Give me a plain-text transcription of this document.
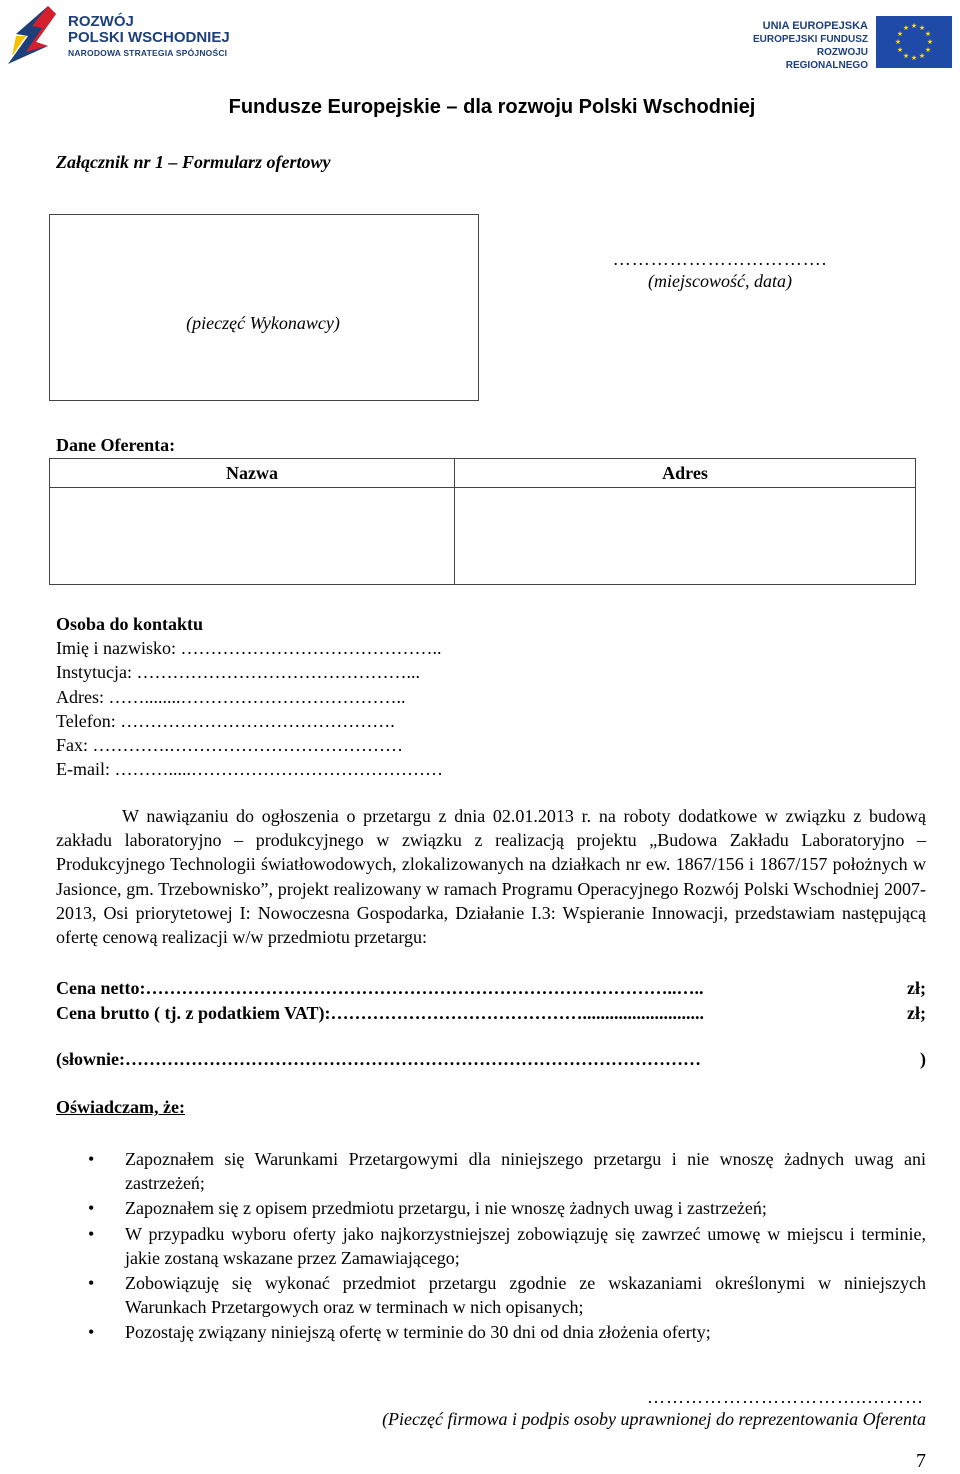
ROZWÓJ
POLSKI WSCHODNIEJ
NARODOWA STRATEGIA SPÓJNOŚCI
UNIA EUROPEJSKA
EUROPEJSKI FUNDUSZ
ROZWOJU REGIONALNEGO
★ ★
★
★
★
★
★
★
★
★
★
★
Fundusze Europejskie – dla rozwoju Polski Wschodniej
Załącznik nr 1 – Formularz ofertowy
(pieczęć Wykonawcy)
…………………………….
(miejscowość, data)
Dane Oferenta:
Nazwa	Adres

Osoba do kontaktu
Imię i nazwisko: ……………………………………..
Instytucja: ………………………………………...
Adres: ……........………………………………..
Telefon: ……………………………………….
Fax: ………….…………………………………
E-mail: ……….....……………………………………
W nawiązaniu do ogłoszenia o przetargu z dnia 02.01.2013 r. na roboty dodatkowe w związku z budową zakładu laboratoryjno – produkcyjnego w związku z realizacją projektu „Budowa Zakładu Laboratoryjno – Produkcyjnego Technologii światłowodowych, zlokalizowanych na działkach nr ew. 1867/156 i 1867/157 położnych w Jasionce, gm. Trzebownisko”, projekt realizowany w ramach Programu Operacyjnego Rozwój Polski Wschodniej 2007-2013, Osi priorytetowej I: Nowoczesna Gospodarka, Działanie I.3: Wspieranie Innowacji, przedstawiam następującą ofertę cenową realizacji w/w przedmiotu przetargu:
Cena netto:……………………………………………………………………………..…..	zł;
Cena brutto ( tj. z podatkiem VAT):……………………………………...........................	zł;
(słownie:……………………………………………………………………………………	)
Oświadczam, że:
• Zapoznałem się Warunkami Przetargowymi dla niniejszego przetargu i nie wnoszę żadnych uwag ani zastrzeżeń;
• Zapoznałem się z opisem przedmiotu przetargu, i nie wnoszę żadnych uwag i zastrzeżeń;
• W przypadku wyboru oferty jako najkorzystniejszej zobowiązuję się zawrzeć umowę w miejscu i terminie, jakie zostaną wskazane przez Zamawiającego;
• Zobowiązuję się wykonać przedmiot przetargu zgodnie ze wskazaniami określonymi w niniejszych Warunkach Przetargowych oraz w terminach w nich opisanych;
• Pozostaję związany niniejszą ofertę w terminie do 30 dni od dnia złożenia oferty;
……………………………..………
(Pieczęć firmowa i podpis osoby uprawnionej do reprezentowania Oferenta
7
